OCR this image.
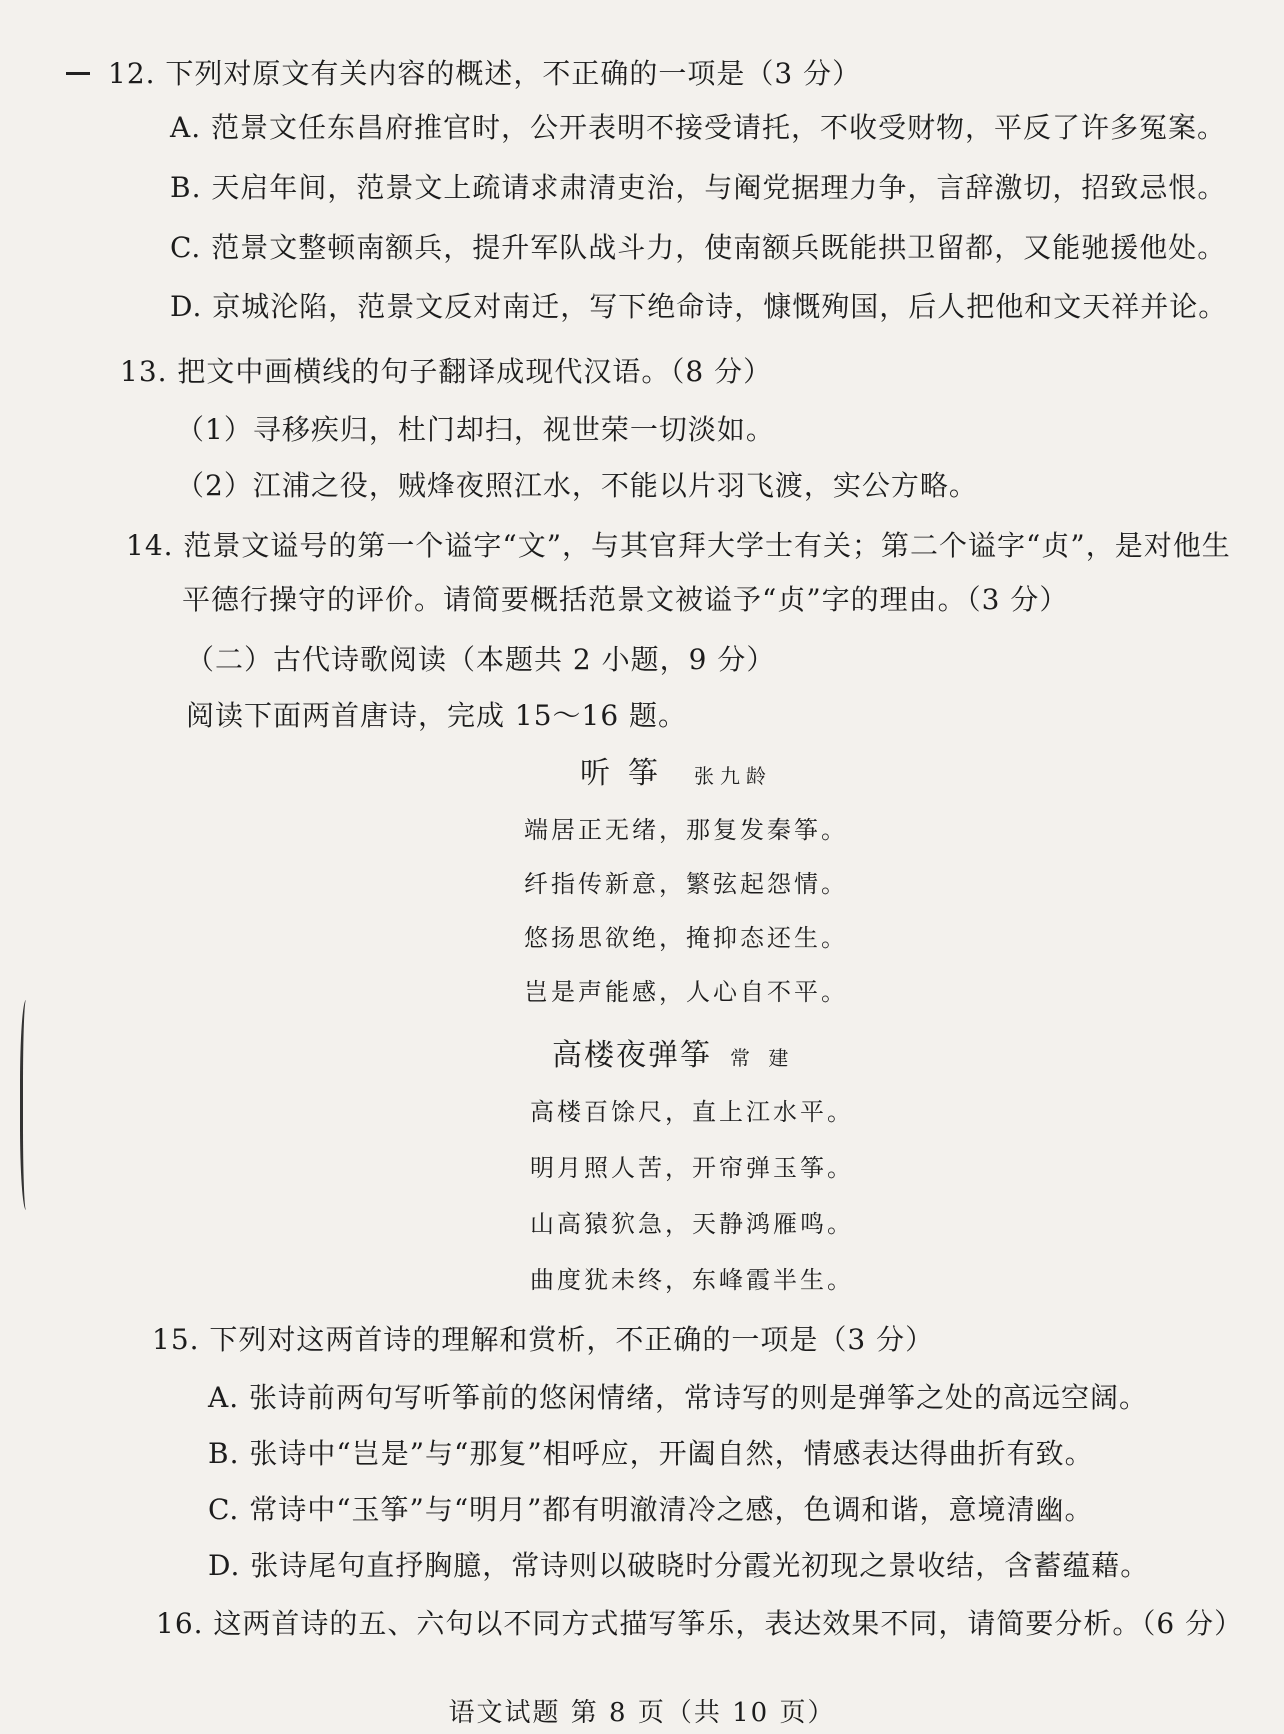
12. 下列对原文有关内容的概述，不正确的一项是（3 分）
A. 范景文任东昌府推官时，公开表明不接受请托，不收受财物，平反了许多冤案。
B. 天启年间，范景文上疏请求肃清吏治，与阉党据理力争，言辞激切，招致忌恨。
C. 范景文整顿南额兵，提升军队战斗力，使南额兵既能拱卫留都，又能驰援他处。
D. 京城沦陷，范景文反对南迁，写下绝命诗，慷慨殉国，后人把他和文天祥并论。
13. 把文中画横线的句子翻译成现代汉语。（8 分）
（1）寻移疾归，杜门却扫，视世荣一切淡如。
（2）江浦之役，贼烽夜照江水，不能以片羽飞渡，实公方略。
14. 范景文谥号的第一个谥字“文”，与其官拜大学士有关；第二个谥字“贞”，是对他生
平德行操守的评价。请简要概括范景文被谥予“贞”字的理由。（3 分）
（二）古代诗歌阅读（本题共 2 小题，9 分）
阅读下面两首唐诗，完成 15～16 题。
听筝 张九龄
端居正无绪，那复发秦筝。
纤指传新意，繁弦起怨情。
悠扬思欲绝，掩抑态还生。
岂是声能感，人心自不平。
高楼夜弹筝 常 建
高楼百馀尺，直上江水平。
明月照人苦，开帘弹玉筝。
山高猿狖急，天静鸿雁鸣。
曲度犹未终，东峰霞半生。
15. 下列对这两首诗的理解和赏析，不正确的一项是（3 分）
A. 张诗前两句写听筝前的悠闲情绪，常诗写的则是弹筝之处的高远空阔。
B. 张诗中“岂是”与“那复”相呼应，开阖自然，情感表达得曲折有致。
C. 常诗中“玉筝”与“明月”都有明澈清冷之感，色调和谐，意境清幽。
D. 张诗尾句直抒胸臆，常诗则以破晓时分霞光初现之景收结，含蓄蕴藉。
16. 这两首诗的五、六句以不同方式描写筝乐，表达效果不同，请简要分析。（6 分）
语文试题 第 8 页（共 10 页）
